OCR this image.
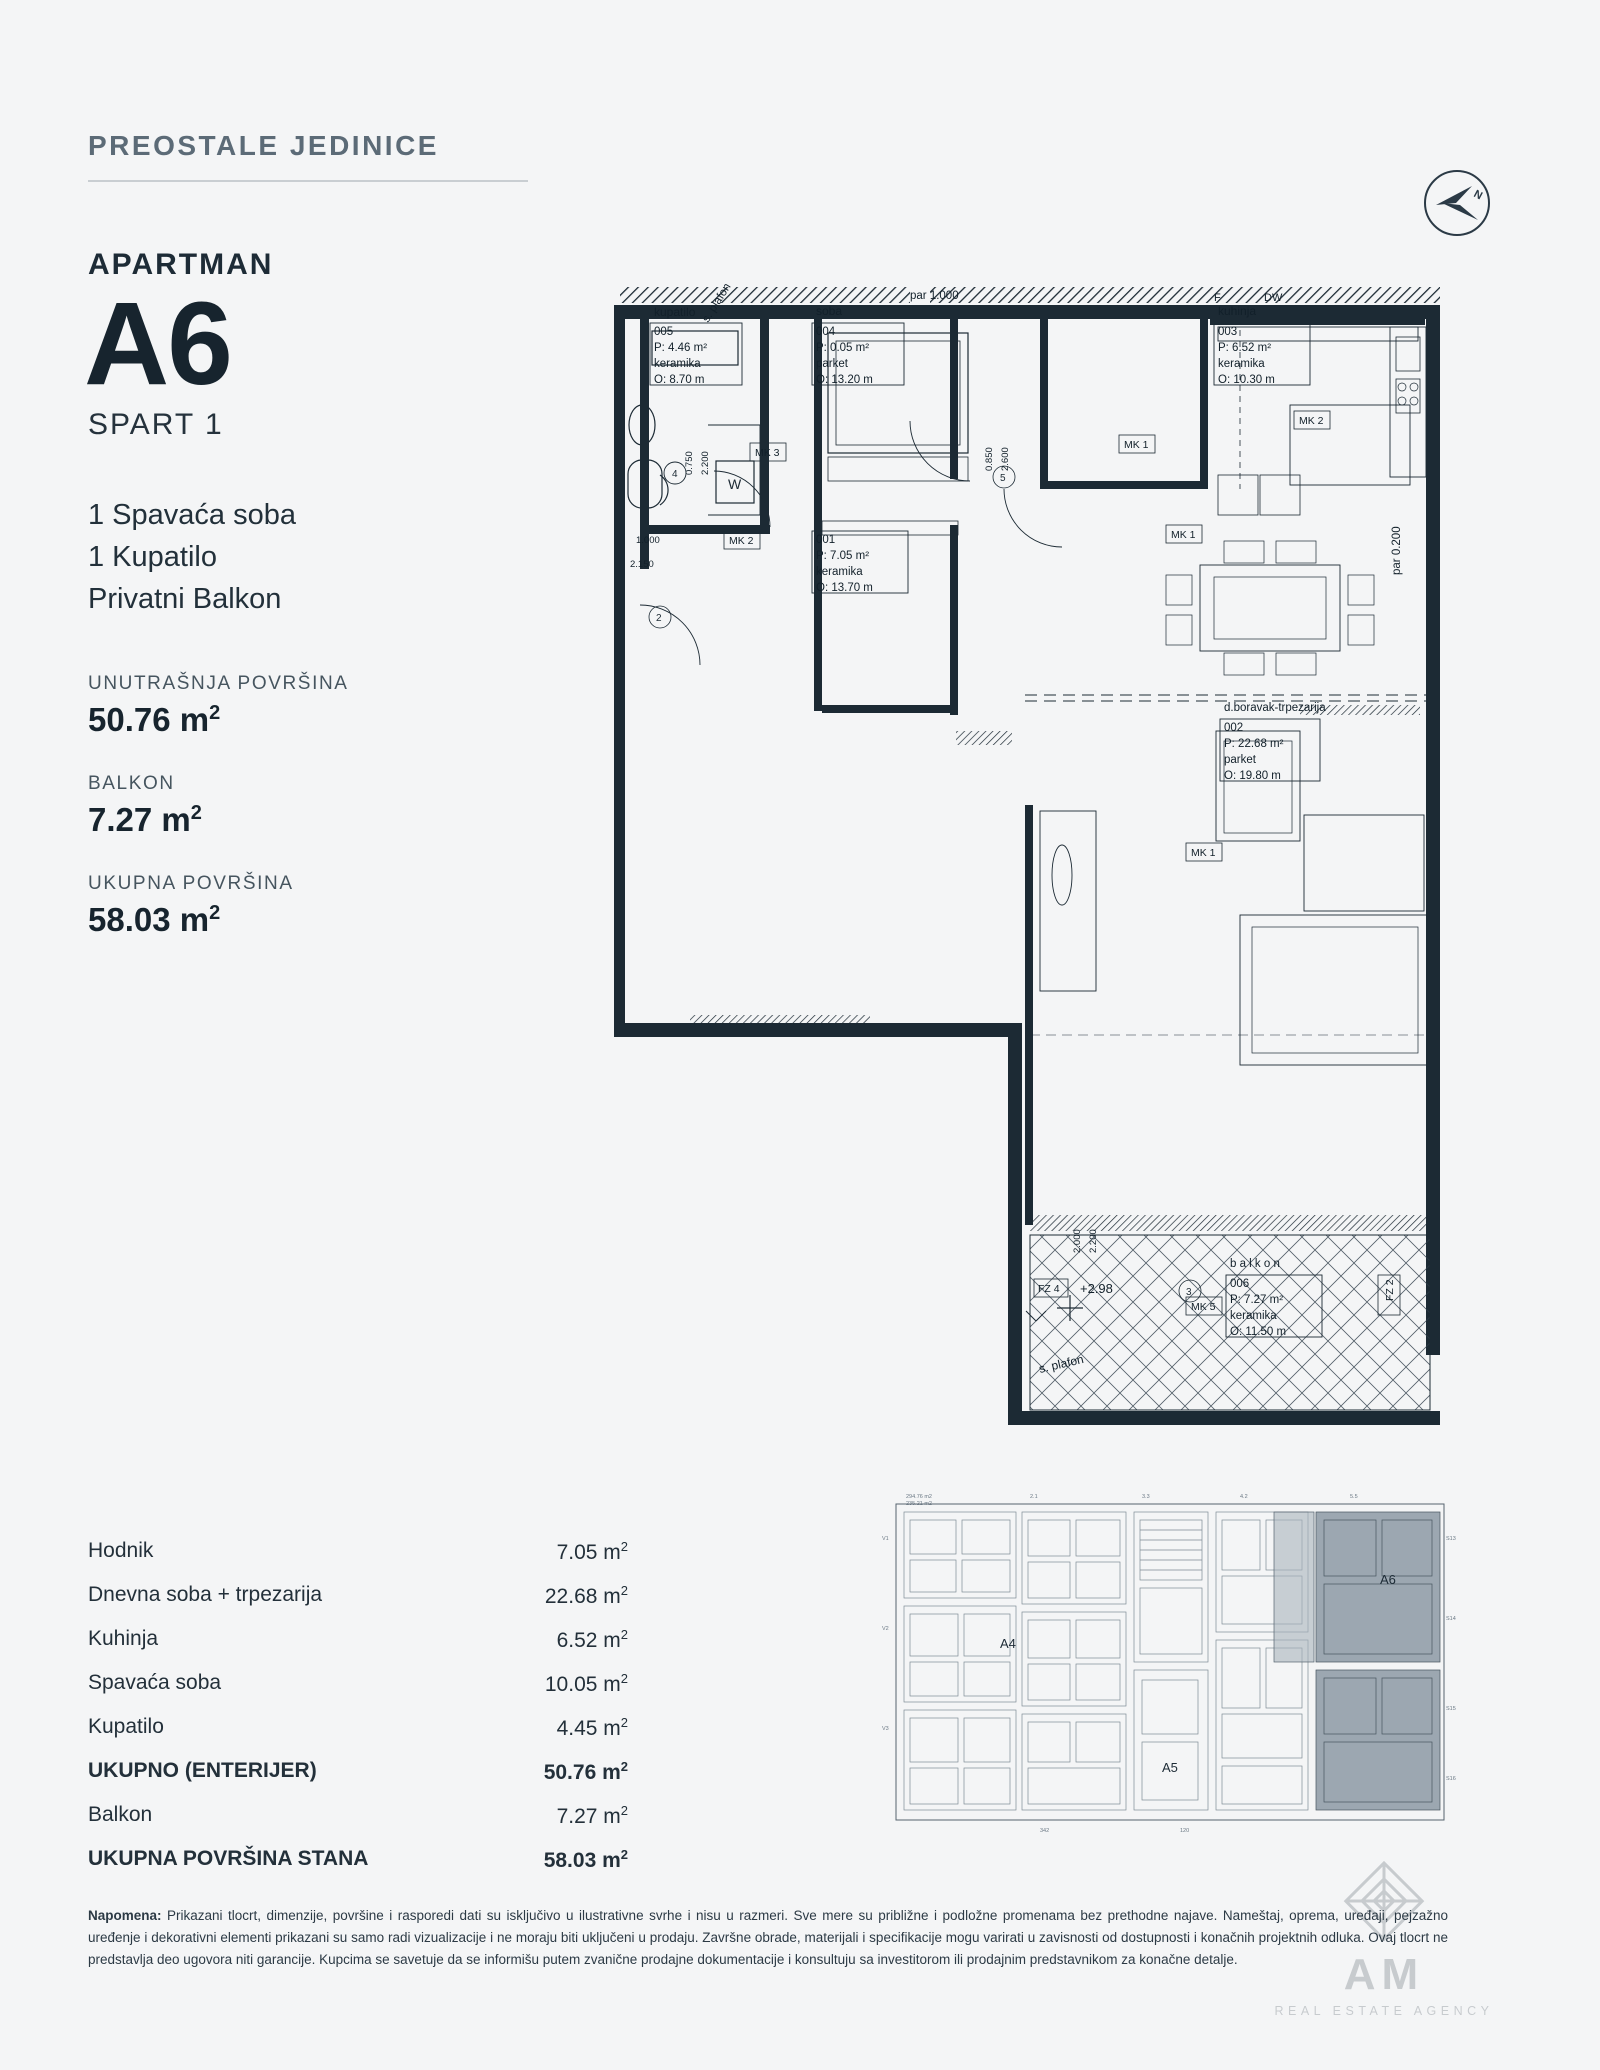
PREOSTALE JEDINICE
N
APARTMAN
A6
SPART 1
1 Spavaća soba
1 Kupatilo
Privatni Balkon
UNUTRAŠNJA POVRŠINA
50.76 $m^2$
BALKON
7.27 $m^2$
UKUPNA POVRŠINA
58.03 $m^2$
4
W	5
2
3
kupatilo
005
P: 4.46 m²
keramika
O: 8.70 m
soba
004
P: 0.05 m²
parket
O: 13.20 m
kuhinja
003
P: 6.52 m²
keramika
O: 10.30 m
001
P: 7.05 m²
keramika
O: 13.70 m
d.boravak-trpezarija
002
P: 22.68 m²
parket
O: 19.80 m
b a l k o n
006
P: 7.27 m²
keramika
O: 11.50 m
MK 3
MK 1
MK 2
MK 1
MK 2
MK 1
MK 5
F	DW
FZ 4	FZ 2
+2.98
par 1.000
par 0.200
s. plafon
s. plafon
0.750 2.200	0.850 2.600
1.000
2.150
2.000 2.200
A4
A5
A6
294.76 m2
235.21 m2
2.1	3.3	4.2	5.5
S13
S14
S15
S16
V1
V2
V3
342	120
Hodnik	7.05 $m^2$
Dnevna soba + trpezarija	22.68 $m^2$
Kuhinja	6.52 $m^2$
Spavaća soba	10.05 $m^2$
Kupatilo	4.45 $m^2$
UKUPNO (ENTERIJER)	50.76 $m^2$
Balkon	7.27 $m^2$
UKUPNA POVRŠINA STANA	58.03 $m^2$
Napomena: Prikazani tlocrt, dimenzije, površine i rasporedi dati su isključivo u ilustrativne svrhe i nisu u razmeri. Sve mere su približne i podložne promenama bez prethodne najave. Nameštaj, oprema, uređaji, pejzažno uređenje i dekorativni elementi prikazani su samo radi vizualizacije i ne moraju biti uključeni u prodaju. Završne obrade, materijali i specifikacije mogu varirati u zavisnosti od dostupnosti i konačnih projektnih odluka. Ovaj tlocrt ne predstavlja deo ugovora niti garancije. Kupcima se savetuje da se informišu putem zvanične prodajne dokumentacije i konsultuju sa investitorom ili prodajnim predstavnikom za konačne detalje.	AM
REAL ESTATE AGENCY
